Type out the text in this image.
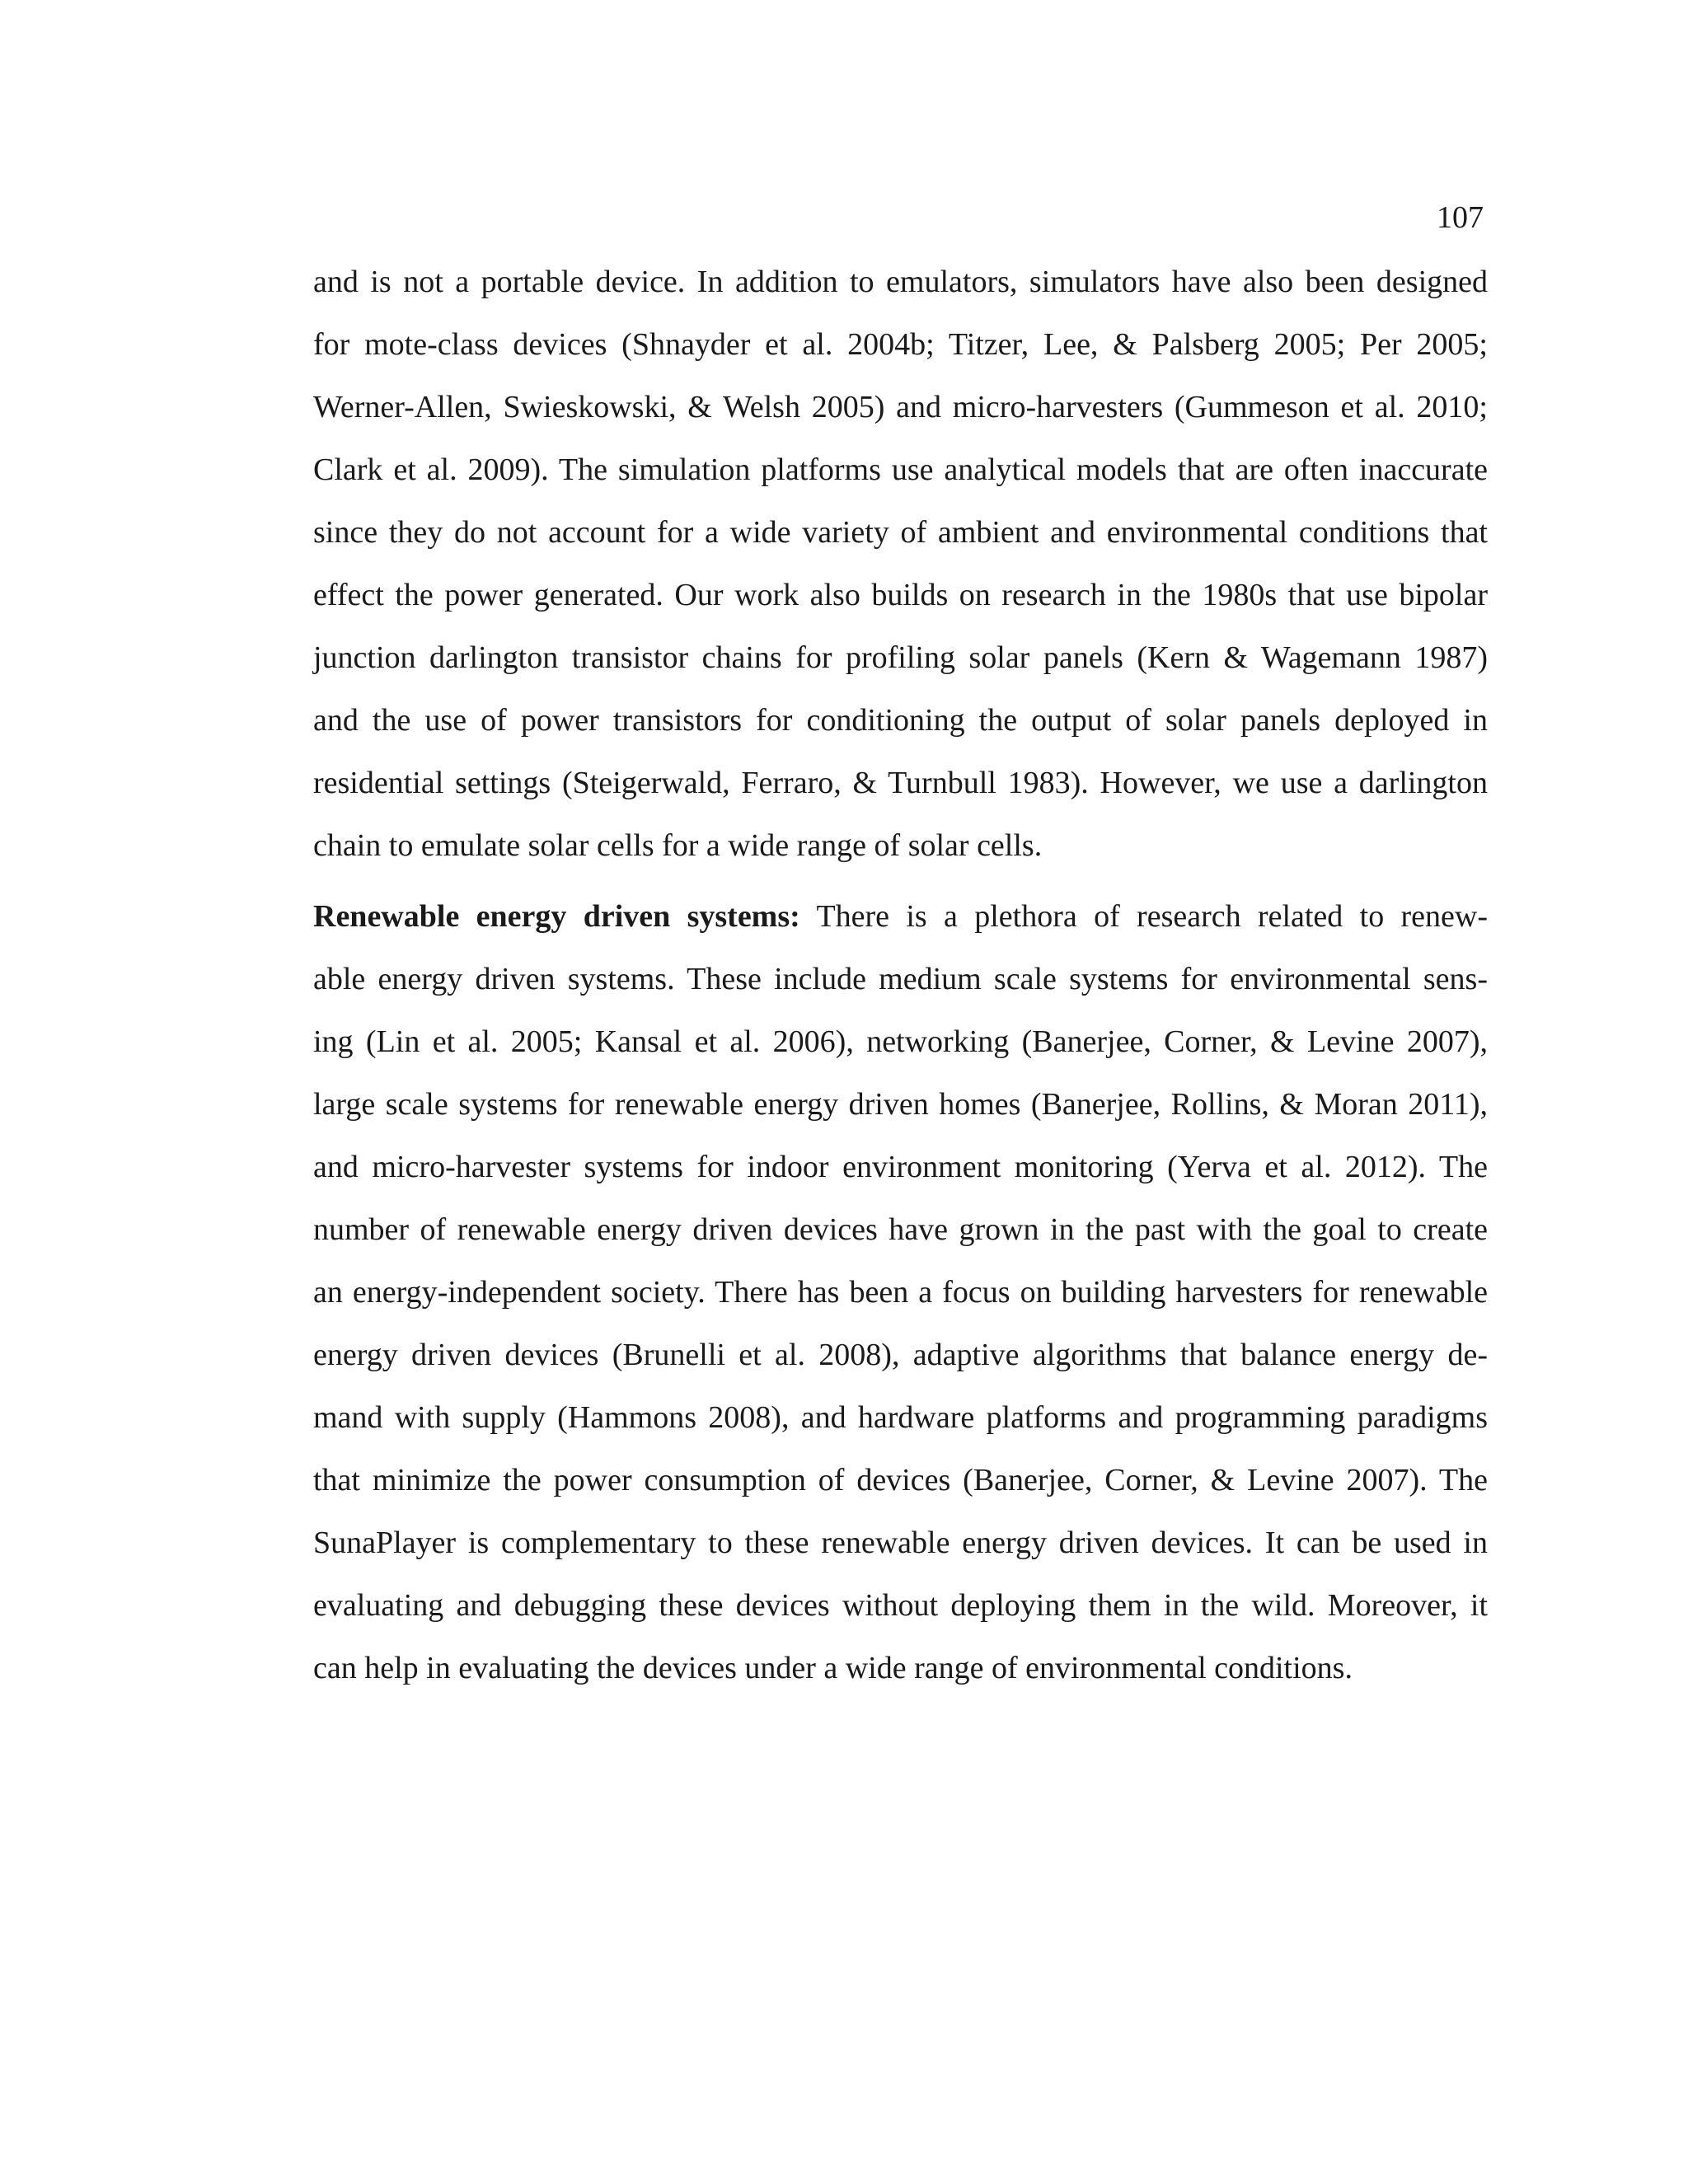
107
and is not a portable device. In addition to emulators, simulators have also been designed
for mote-class devices (Shnayder et al. 2004b; Titzer, Lee, & Palsberg 2005; Per 2005;
Werner-Allen, Swieskowski, & Welsh 2005) and micro-harvesters (Gummeson et al. 2010;
Clark et al. 2009). The simulation platforms use analytical models that are often inaccurate
since they do not account for a wide variety of ambient and environmental conditions that
effect the power generated. Our work also builds on research in the 1980s that use bipolar
junction darlington transistor chains for profiling solar panels (Kern & Wagemann 1987)
and the use of power transistors for conditioning the output of solar panels deployed in
residential settings (Steigerwald, Ferraro, & Turnbull 1983). However, we use a darlington
chain to emulate solar cells for a wide range of solar cells.
Renewable energy driven systems: There is a plethora of research related to renew-
able energy driven systems. These include medium scale systems for environmental sens-
ing (Lin et al. 2005; Kansal et al. 2006), networking (Banerjee, Corner, & Levine 2007),
large scale systems for renewable energy driven homes (Banerjee, Rollins, & Moran 2011),
and micro-harvester systems for indoor environment monitoring (Yerva et al. 2012). The
number of renewable energy driven devices have grown in the past with the goal to create
an energy-independent society. There has been a focus on building harvesters for renewable
energy driven devices (Brunelli et al. 2008), adaptive algorithms that balance energy de-
mand with supply (Hammons 2008), and hardware platforms and programming paradigms
that minimize the power consumption of devices (Banerjee, Corner, & Levine 2007). The
SunaPlayer is complementary to these renewable energy driven devices. It can be used in
evaluating and debugging these devices without deploying them in the wild. Moreover, it
can help in evaluating the devices under a wide range of environmental conditions.
